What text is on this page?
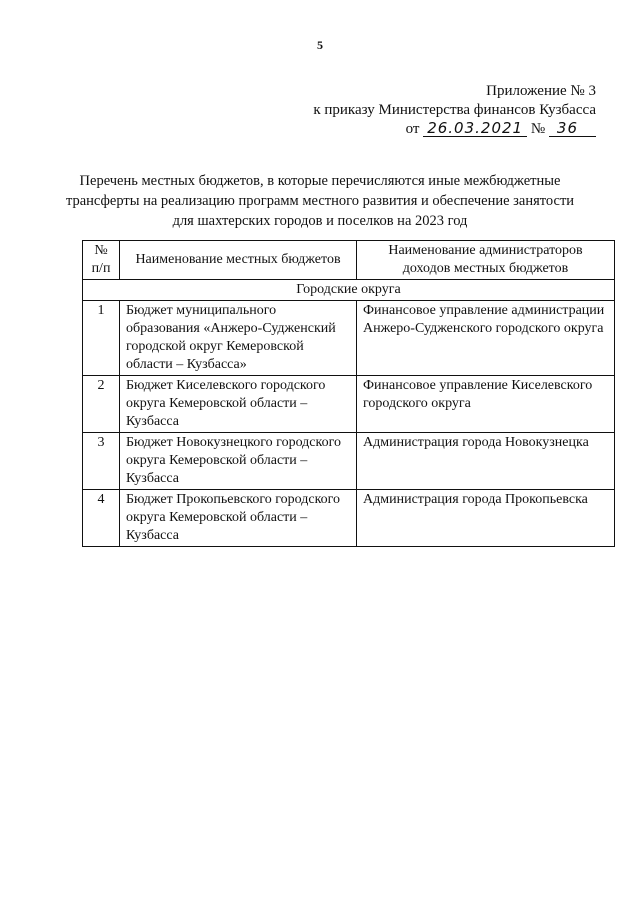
5
Приложение № 3
к приказу Министерства финансов Кузбасса
от 26.03.2021 № 36
Перечень местных бюджетов, в которые перечисляются иные межбюджетные трансферты на реализацию программ местного развития и обеспечение занятости для шахтерских городов и поселков на 2023 год
№ п/п	Наименование местных бюджетов	Наименование администраторов доходов местных бюджетов
Городские округа		
1	Бюджет муниципального образования «Анжеро-Судженский городской округ Кемеровской области – Кузбасса»	Финансовое управление администрации Анжеро-Судженского городского округа
2	Бюджет Киселевского городского округа Кемеровской области – Кузбасса	Финансовое управление Киселевского городского округа
3	Бюджет Новокузнецкого городского округа Кемеровской области – Кузбасса	Администрация города Новокузнецка
4	Бюджет Прокопьевского городского округа Кемеровской области – Кузбасса	Администрация города Прокопьевска
